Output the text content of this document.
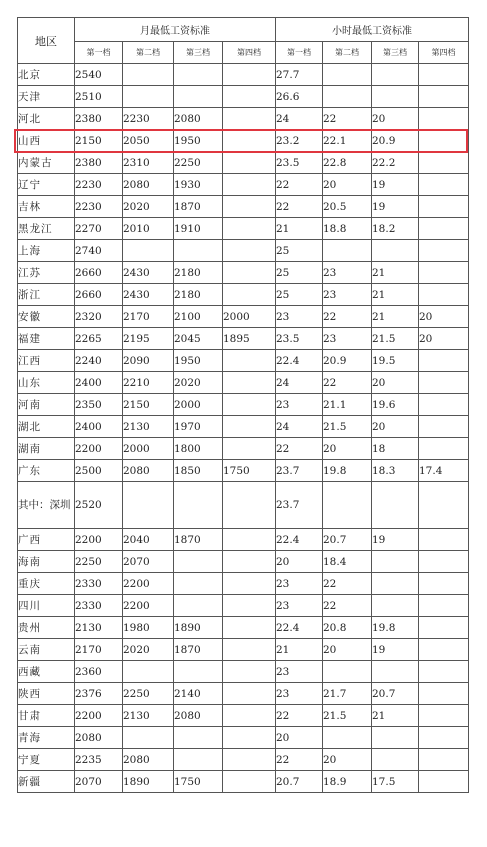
地区	月最低工资标准				小时最低工资标准			
	第一档	第二档	第三档	第四档	第一档	第二档	第三档	第四档
北京	2540				27.7			
天津	2510				26.6			
河北	2380	2230	2080		24	22	20	
山西	2150	2050	1950		23.2	22.1	20.9	
内蒙古	2380	2310	2250		23.5	22.8	22.2	
辽宁	2230	2080	1930		22	20	19	
吉林	2230	2020	1870		22	20.5	19	
黑龙江	2270	2010	1910		21	18.8	18.2	
上海	2740				25			
江苏	2660	2430	2180		25	23	21	
浙江	2660	2430	2180		25	23	21	
安徽	2320	2170	2100	2000	23	22	21	20
福建	2265	2195	2045	1895	23.5	23	21.5	20
江西	2240	2090	1950		22.4	20.9	19.5	
山东	2400	2210	2020		24	22	20	
河南	2350	2150	2000		23	21.1	19.6	
湖北	2400	2130	1970		24	21.5	20	
湖南	2200	2000	1800		22	20	18	
广东	2500	2080	1850	1750	23.7	19.8	18.3	17.4
其中：深圳	2520				23.7			
广西	2200	2040	1870		22.4	20.7	19	
海南	2250	2070			20	18.4		
重庆	2330	2200			23	22		
四川	2330	2200			23	22		
贵州	2130	1980	1890		22.4	20.8	19.8	
云南	2170	2020	1870		21	20	19	
西藏	2360				23			
陕西	2376	2250	2140		23	21.7	20.7	
甘肃	2200	2130	2080		22	21.5	21	
青海	2080				20			
宁夏	2235	2080			22	20		
新疆	2070	1890	1750		20.7	18.9	17.5	
